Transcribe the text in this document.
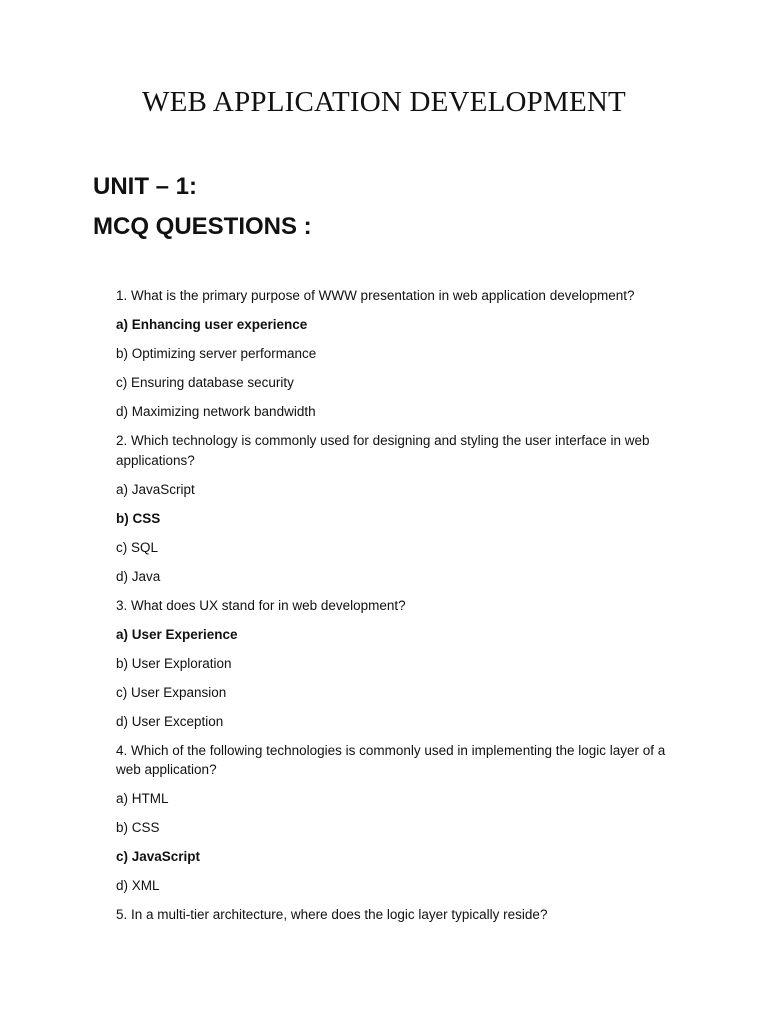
WEB APPLICATION DEVELOPMENT
UNIT – 1:
MCQ QUESTIONS :

1. What is the primary purpose of WWW presentation in web application development?

a) Enhancing user experience

b) Optimizing server performance

c) Ensuring database security

d) Maximizing network bandwidth

2. Which technology is commonly used for designing and styling the user interface in web applications?

a) JavaScript

b) CSS

c) SQL

d) Java

3. What does UX stand for in web development?

a) User Experience

b) User Exploration

c) User Expansion

d) User Exception

4. Which of the following technologies is commonly used in implementing the logic layer of a web application?

a) HTML

b) CSS

c) JavaScript

d) XML

5. In a multi-tier architecture, where does the logic layer typically reside?
